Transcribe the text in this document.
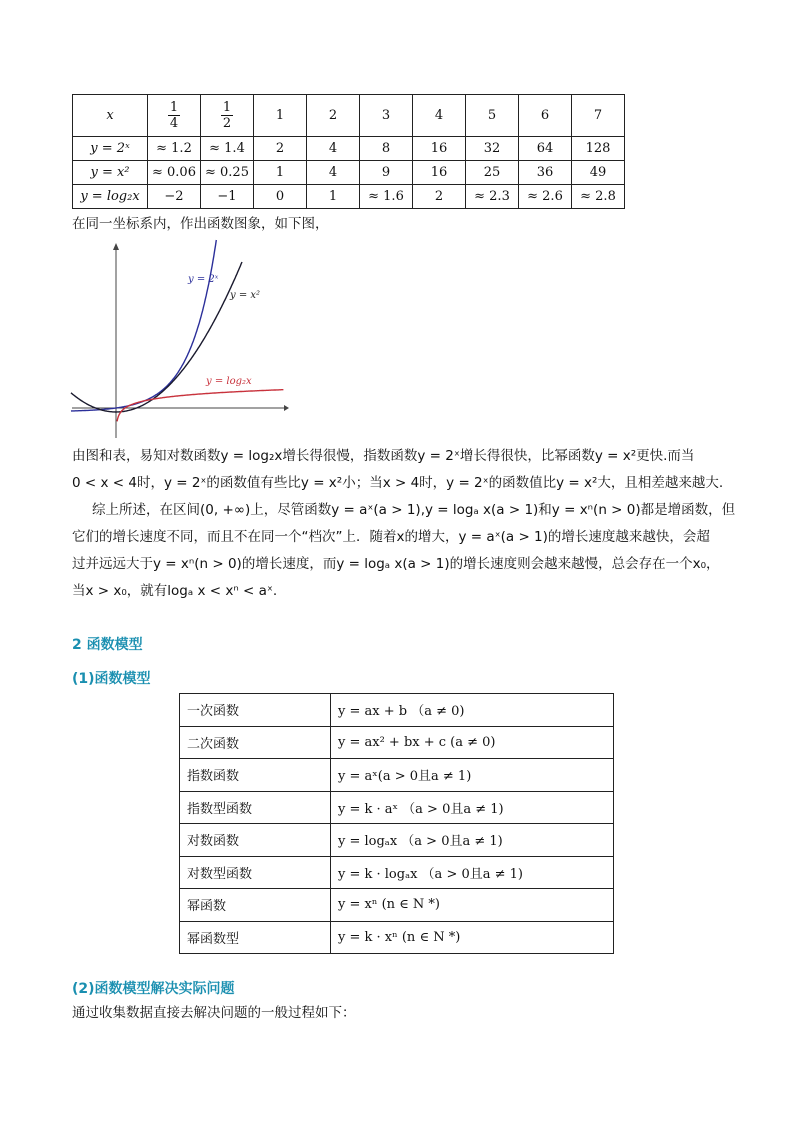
x	$\frac{1}{4}$	$\frac{1}{2}$	1	2	3	4	5	6	7
y = 2ˣ	≈ 1.2	≈ 1.4	2	4	8	16	32	64	128
y = x²	≈ 0.06	≈ 0.25	1	4	9	16	25	36	49
y = log₂x	−2	−1	0	1	≈ 1.6	2	≈ 2.3	≈ 2.6	≈ 2.8

在同一坐标系内，作出函数图象，如下图，

y = 2ˣ
y = x²
y = log₂x

由图和表，易知对数函数y = log₂x增长得很慢，指数函数y = 2ˣ增长得很快，比幂函数y = x²更快.而当

0 < x < 4时，y = 2ˣ的函数值有些比y = x²小；当x > 4时，y = 2ˣ的函数值比y = x²大，且相差越来越大.

综上所述，在区间(0, +∞)上，尽管函数y = aˣ(a > 1),y = logₐ x(a > 1)和y = xⁿ(n > 0)都是增函数，但

它们的增长速度不同，而且不在同一个“档次”上．随着x的增大，y = aˣ(a > 1)的增长速度越来越快，会超

过并远远大于y = xⁿ(n > 0)的增长速度，而y = logₐ x(a > 1)的增长速度则会越来越慢，总会存在一个x₀，

当x > x₀，就有logₐ x < xⁿ < aˣ.

2 函数模型

(1)函数模型

一次函数	y = ax + b （a ≠ 0)
二次函数	y = ax² + bx + c (a ≠ 0)
指数函数	y = aˣ(a > 0且a ≠ 1)
指数型函数	y = k · aˣ （a > 0且a ≠ 1)
对数函数	y = logₐx （a > 0且a ≠ 1)
对数型函数	y = k · logₐx （a > 0且a ≠ 1)
幂函数	y = xⁿ (n ∈ N *)
幂函数型	y = k · xⁿ (n ∈ N *)

(2)函数模型解决实际问题

通过收集数据直接去解决问题的一般过程如下：
